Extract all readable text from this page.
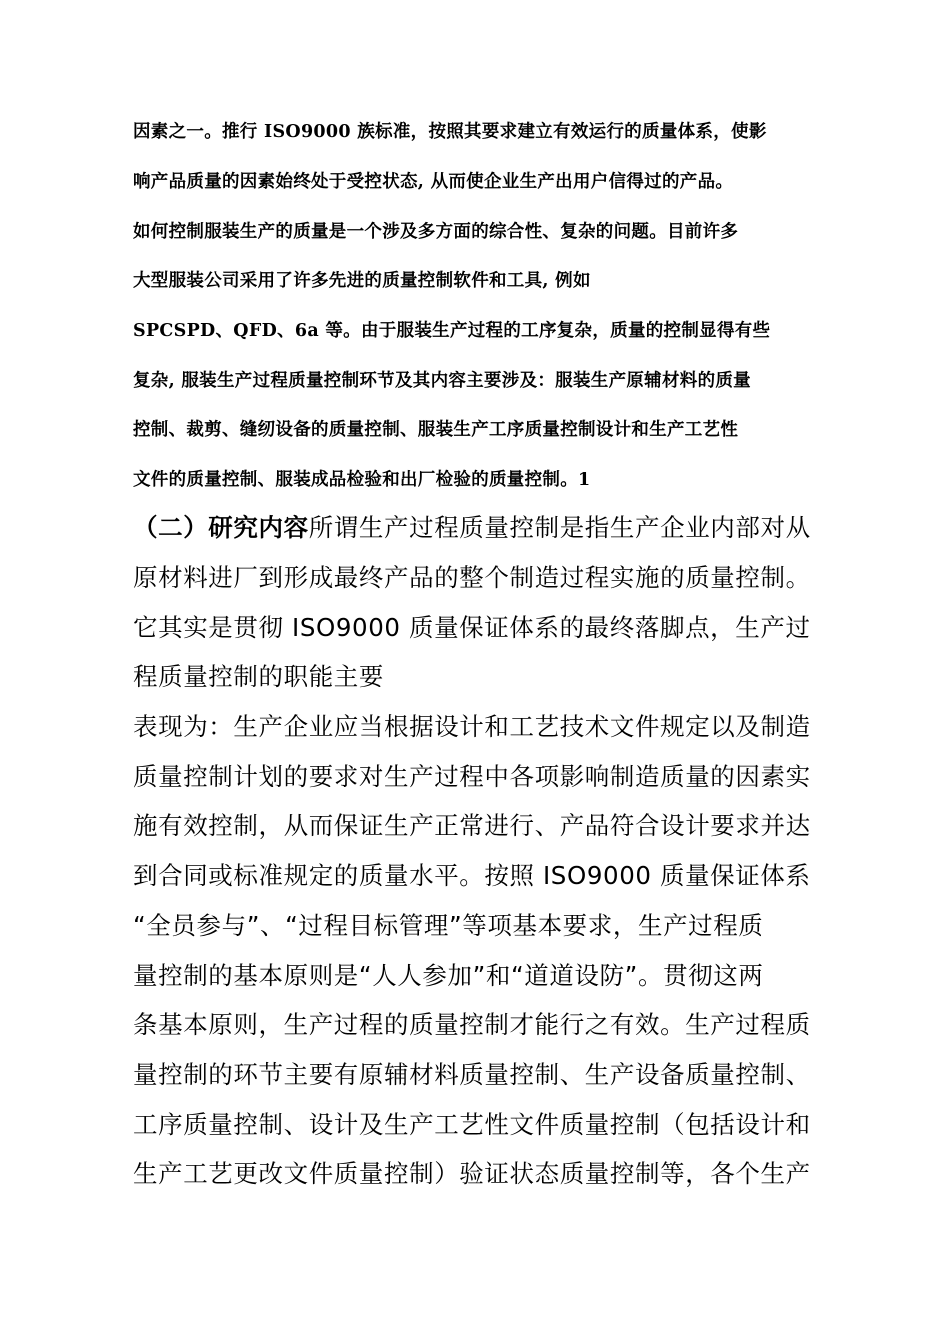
因素之一。推行 ISO9000 族标准，按照其要求建立有效运行的质量体系，使影
响产品质量的因素始终处于受控状态, 从而使企业生产出用户信得过的产品。
如何控制服装生产的质量是一个涉及多方面的综合性、复杂的问题。目前许多
大型服装公司采用了许多先进的质量控制软件和工具, 例如
SPCSPD、QFD、6a 等。由于服装生产过程的工序复杂，质量的控制显得有些
复杂, 服装生产过程质量控制环节及其内容主要涉及：服装生产原辅材料的质量
控制、裁剪、缝纫设备的质量控制、服装生产工序质量控制设计和生产工艺性
文件的质量控制、服装成品检验和出厂检验的质量控制。1
（二）研究内容所谓生产过程质量控制是指生产企业内部对从
原材料进厂到形成最终产品的整个制造过程实施的质量控制。
它其实是贯彻 ISO9000 质量保证体系的最终落脚点，生产过
程质量控制的职能主要
表现为：生产企业应当根据设计和工艺技术文件规定以及制造
质量控制计划的要求对生产过程中各项影响制造质量的因素实
施有效控制，从而保证生产正常进行、产品符合设计要求并达
到合同或标准规定的质量水平。按照 ISO9000 质量保证体系
“全员参与”、“过程目标管理”等项基本要求，生产过程质
量控制的基本原则是“人人参加”和“道道设防”。贯彻这两
条基本原则，生产过程的质量控制才能行之有效。生产过程质
量控制的环节主要有原辅材料质量控制、生产设备质量控制、
工序质量控制、设计及生产工艺性文件质量控制（包括设计和
生产工艺更改文件质量控制）验证状态质量控制等，各个生产
